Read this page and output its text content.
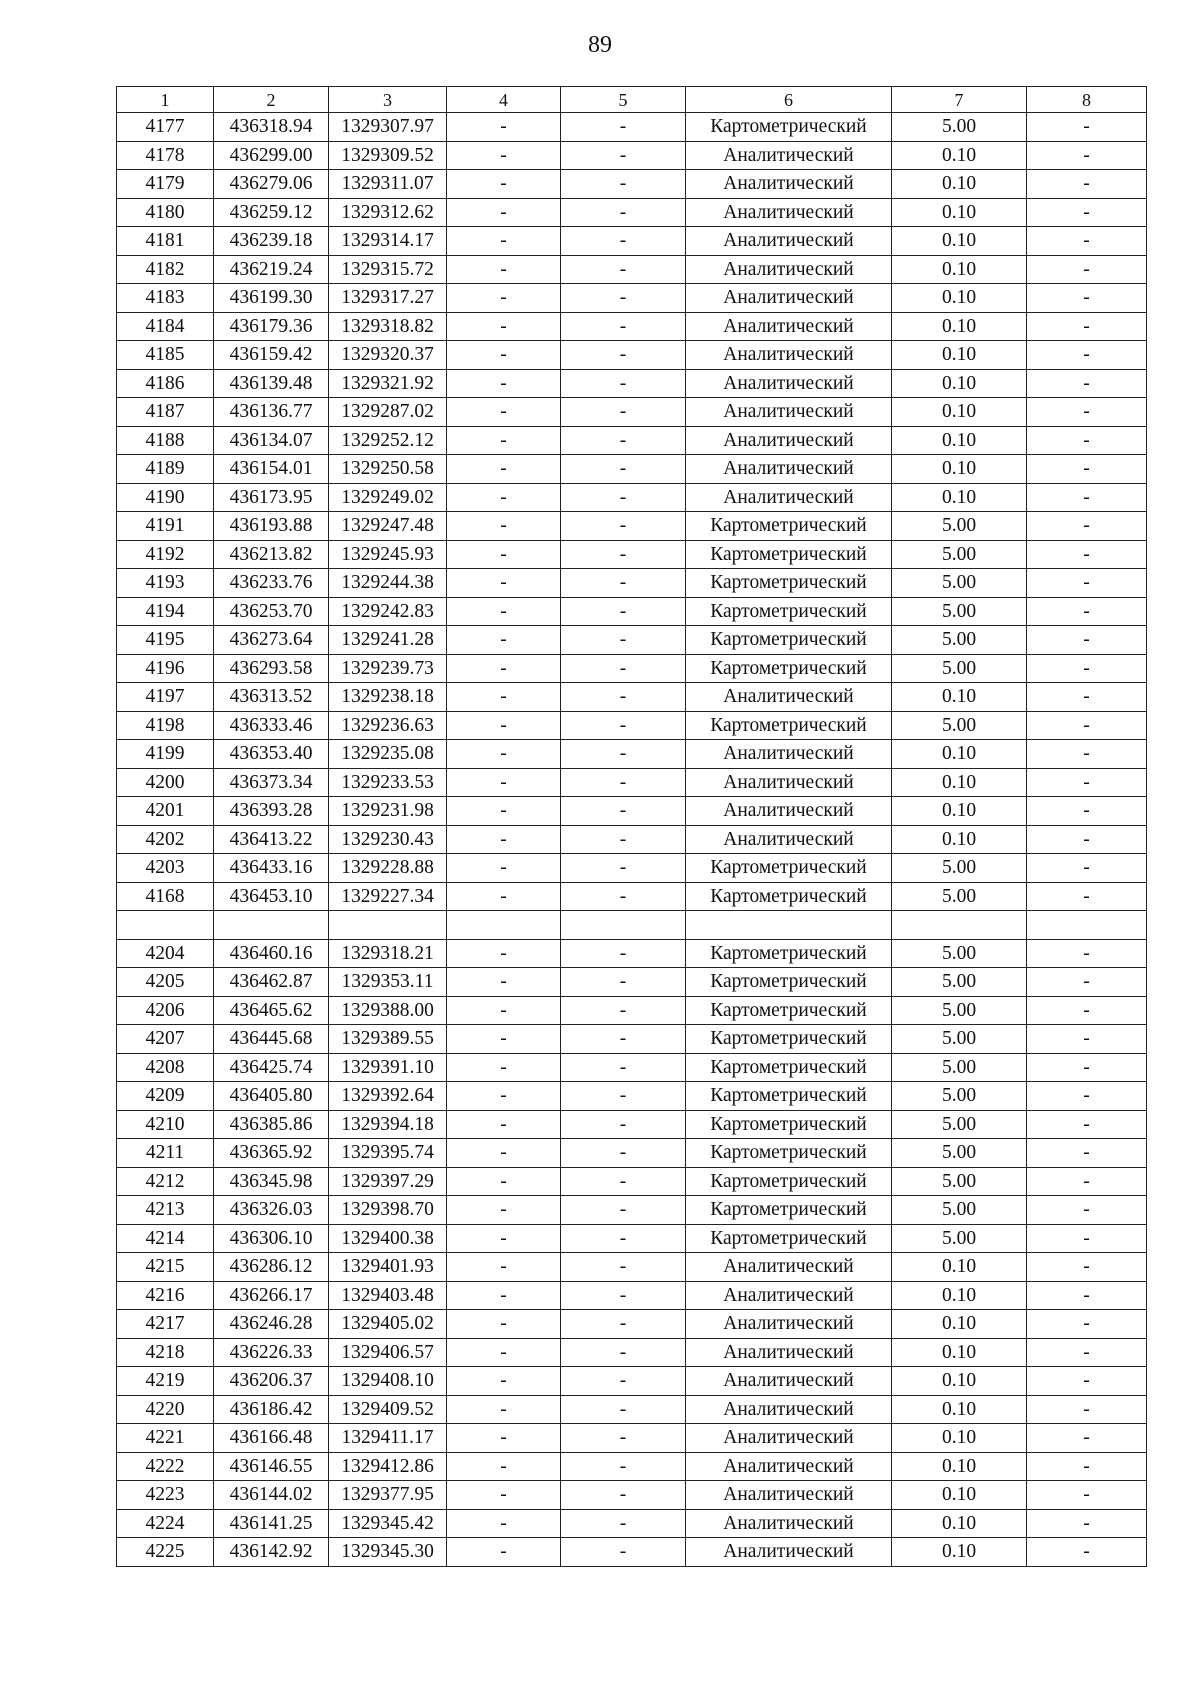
89
1	2	3	4	5	6	7	8
4177	436318.94	1329307.97	-	-	Картометрический	5.00	-
4178	436299.00	1329309.52	-	-	Аналитический	0.10	-
4179	436279.06	1329311.07	-	-	Аналитический	0.10	-
4180	436259.12	1329312.62	-	-	Аналитический	0.10	-
4181	436239.18	1329314.17	-	-	Аналитический	0.10	-
4182	436219.24	1329315.72	-	-	Аналитический	0.10	-
4183	436199.30	1329317.27	-	-	Аналитический	0.10	-
4184	436179.36	1329318.82	-	-	Аналитический	0.10	-
4185	436159.42	1329320.37	-	-	Аналитический	0.10	-
4186	436139.48	1329321.92	-	-	Аналитический	0.10	-
4187	436136.77	1329287.02	-	-	Аналитический	0.10	-
4188	436134.07	1329252.12	-	-	Аналитический	0.10	-
4189	436154.01	1329250.58	-	-	Аналитический	0.10	-
4190	436173.95	1329249.02	-	-	Аналитический	0.10	-
4191	436193.88	1329247.48	-	-	Картометрический	5.00	-
4192	436213.82	1329245.93	-	-	Картометрический	5.00	-
4193	436233.76	1329244.38	-	-	Картометрический	5.00	-
4194	436253.70	1329242.83	-	-	Картометрический	5.00	-
4195	436273.64	1329241.28	-	-	Картометрический	5.00	-
4196	436293.58	1329239.73	-	-	Картометрический	5.00	-
4197	436313.52	1329238.18	-	-	Аналитический	0.10	-
4198	436333.46	1329236.63	-	-	Картометрический	5.00	-
4199	436353.40	1329235.08	-	-	Аналитический	0.10	-
4200	436373.34	1329233.53	-	-	Аналитический	0.10	-
4201	436393.28	1329231.98	-	-	Аналитический	0.10	-
4202	436413.22	1329230.43	-	-	Аналитический	0.10	-
4203	436433.16	1329228.88	-	-	Картометрический	5.00	-
4168	436453.10	1329227.34	-	-	Картометрический	5.00	-

4204	436460.16	1329318.21	-	-	Картометрический	5.00	-
4205	436462.87	1329353.11	-	-	Картометрический	5.00	-
4206	436465.62	1329388.00	-	-	Картометрический	5.00	-
4207	436445.68	1329389.55	-	-	Картометрический	5.00	-
4208	436425.74	1329391.10	-	-	Картометрический	5.00	-
4209	436405.80	1329392.64	-	-	Картометрический	5.00	-
4210	436385.86	1329394.18	-	-	Картометрический	5.00	-
4211	436365.92	1329395.74	-	-	Картометрический	5.00	-
4212	436345.98	1329397.29	-	-	Картометрический	5.00	-
4213	436326.03	1329398.70	-	-	Картометрический	5.00	-
4214	436306.10	1329400.38	-	-	Картометрический	5.00	-
4215	436286.12	1329401.93	-	-	Аналитический	0.10	-
4216	436266.17	1329403.48	-	-	Аналитический	0.10	-
4217	436246.28	1329405.02	-	-	Аналитический	0.10	-
4218	436226.33	1329406.57	-	-	Аналитический	0.10	-
4219	436206.37	1329408.10	-	-	Аналитический	0.10	-
4220	436186.42	1329409.52	-	-	Аналитический	0.10	-
4221	436166.48	1329411.17	-	-	Аналитический	0.10	-
4222	436146.55	1329412.86	-	-	Аналитический	0.10	-
4223	436144.02	1329377.95	-	-	Аналитический	0.10	-
4224	436141.25	1329345.42	-	-	Аналитический	0.10	-
4225	436142.92	1329345.30	-	-	Аналитический	0.10	-
